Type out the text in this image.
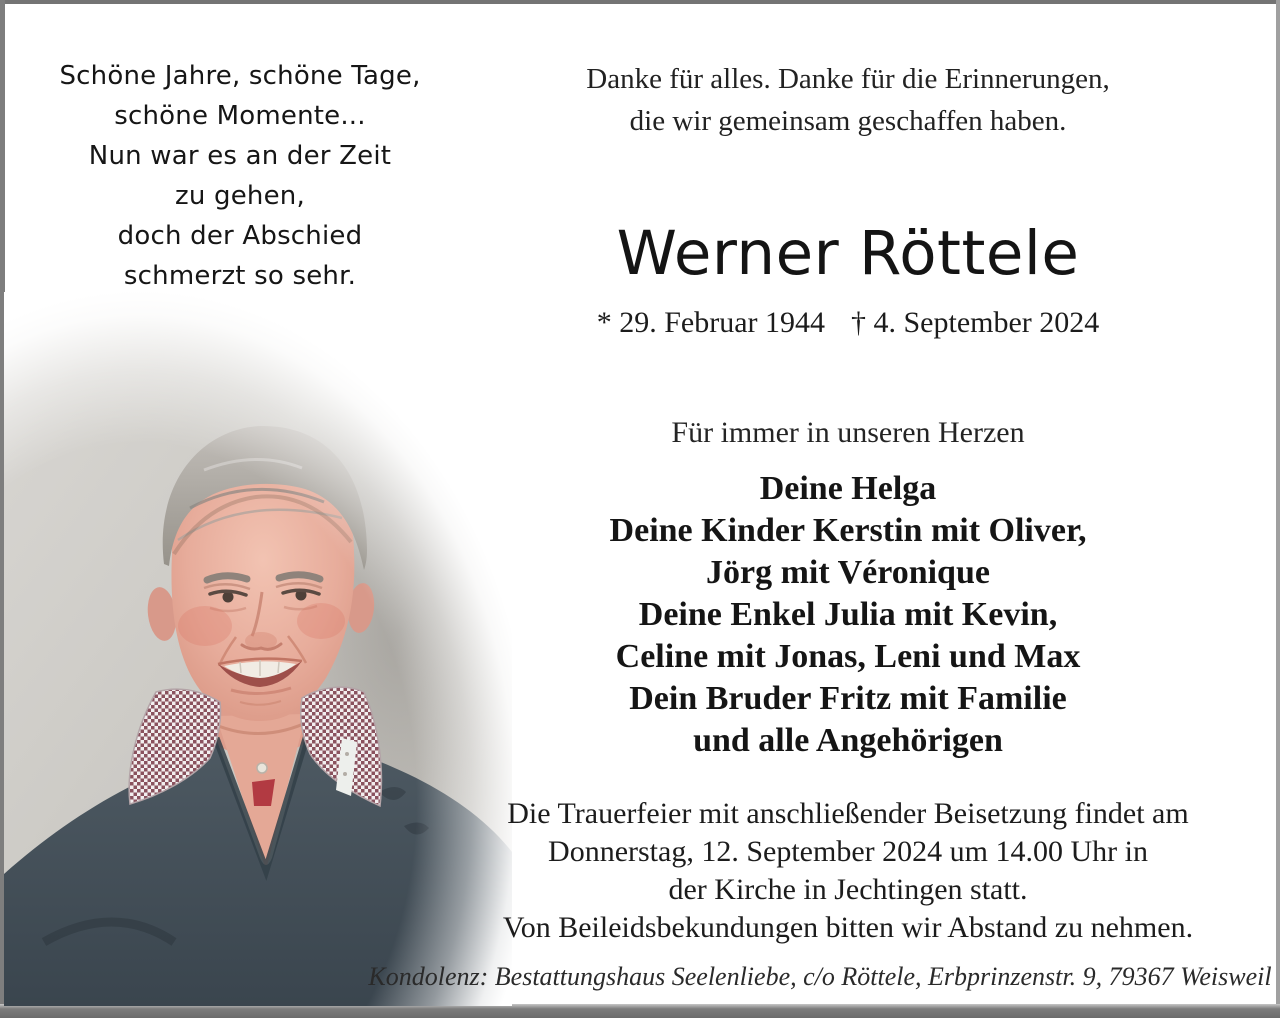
Schöne Jahre, schöne Tage,
schöne Momente...
Nun war es an der Zeit
zu gehen,
doch der Abschied
schmerzt so sehr.
Danke für alles. Danke für die Erinnerungen,
die wir gemeinsam geschaffen haben.
Werner Röttele
* 29. Februar 1944 † 4. September 2024
Für immer in unseren Herzen
Deine Helga
Deine Kinder Kerstin mit Oliver,
Jörg mit Véronique
Deine Enkel Julia mit Kevin,
Celine mit Jonas, Leni und Max
Dein Bruder Fritz mit Familie
und alle Angehörigen
Die Trauerfeier mit anschließender Beisetzung findet am
Donnerstag, 12. September 2024 um 14.00 Uhr in
der Kirche in Jechtingen statt.
Von Beileidsbekundungen bitten wir Abstand zu nehmen.
Kondolenz: Bestattungshaus Seelenliebe, c/o Röttele, Erbprinzenstr. 9, 79367 Weisweil
